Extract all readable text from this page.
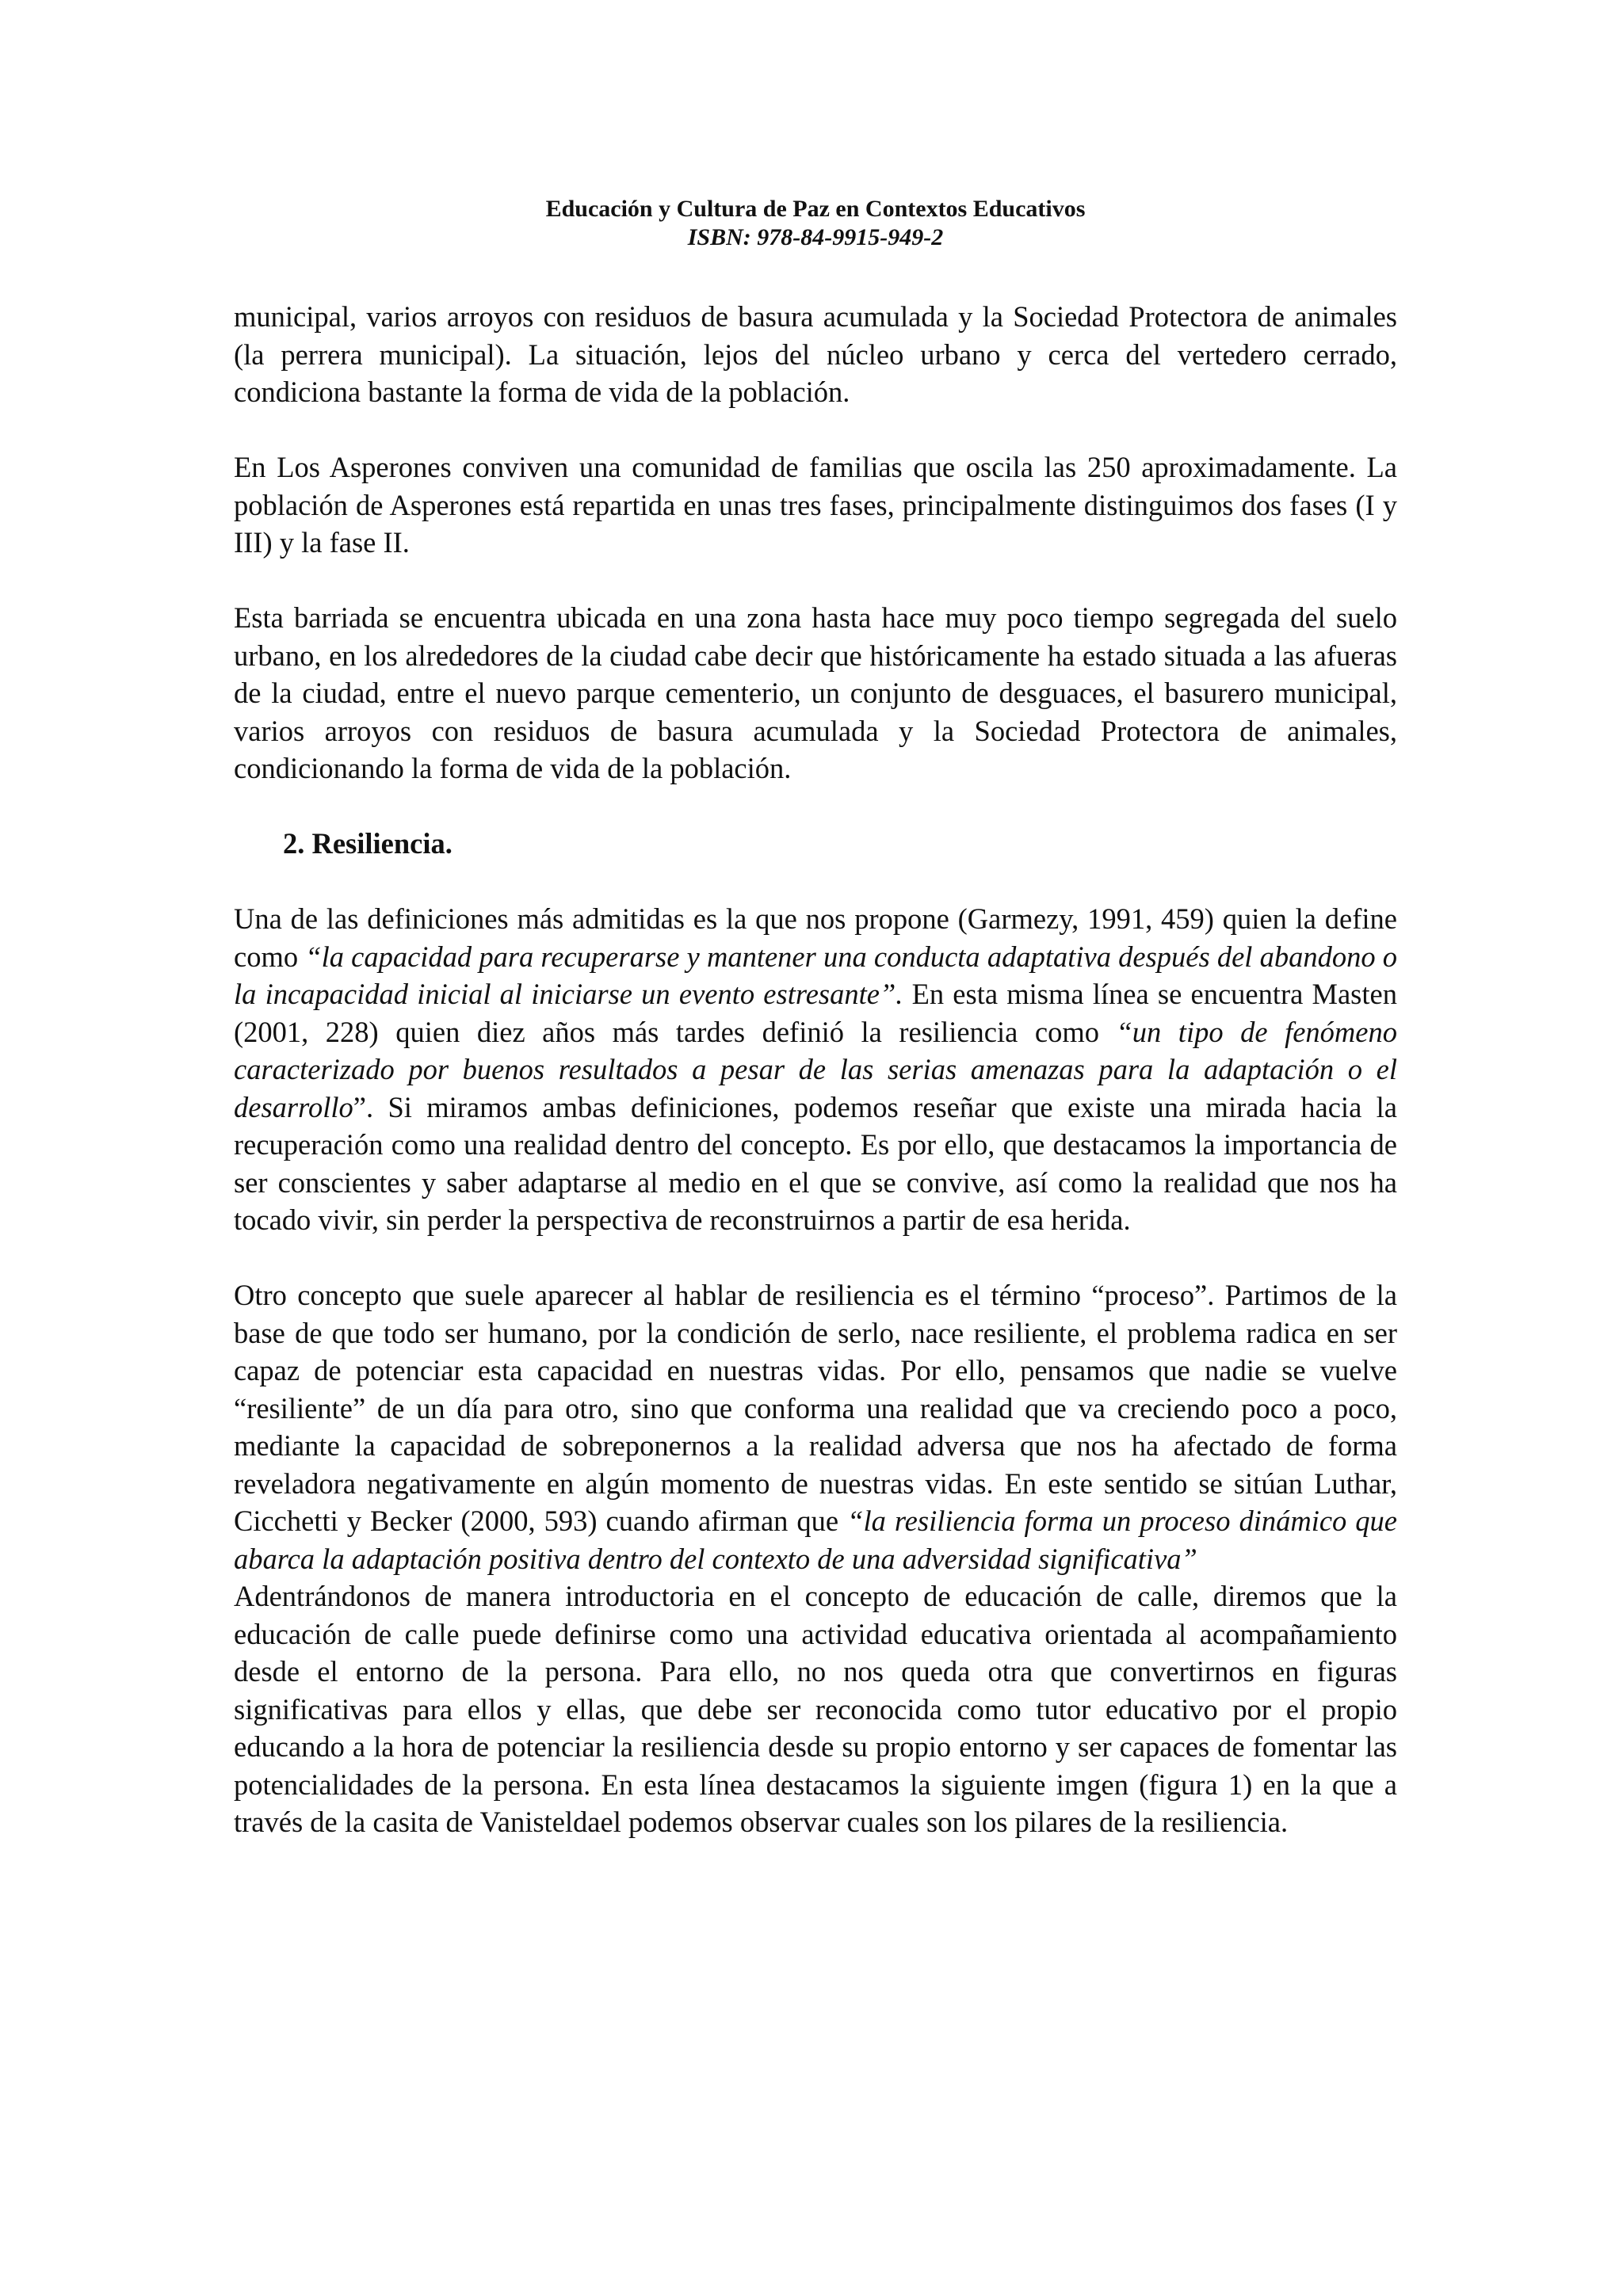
Educación y Cultura de Paz en Contextos Educativos
ISBN: 978-84-9915-949-2

municipal, varios arroyos con residuos de basura acumulada y la Sociedad Protectora de animales (la perrera municipal). La situación, lejos del núcleo urbano y cerca del vertedero cerrado, condiciona bastante la forma de vida de la población.

En Los Asperones conviven una comunidad de familias que oscila las 250 aproximadamente. La población de Asperones está repartida en unas tres fases, principalmente distinguimos dos fases (I y III) y la fase II.

Esta barriada se encuentra ubicada en una zona hasta hace muy poco tiempo segregada del suelo urbano, en los alrededores de la ciudad cabe decir que históricamente ha estado situada a las afueras de la ciudad, entre el nuevo parque cementerio, un conjunto de desguaces, el basurero municipal, varios arroyos con residuos de basura acumulada y la Sociedad Protectora de animales, condicionando la forma de vida de la población.

2. Resiliencia.

Una de las definiciones más admitidas es la que nos propone (Garmezy, 1991, 459) quien la define como “la capacidad para recuperarse y mantener una conducta adaptativa después del abandono o la incapacidad inicial al iniciarse un evento estresante”. En esta misma línea se encuentra Masten (2001, 228) quien diez años más tardes definió la resiliencia como “un tipo de fenómeno caracterizado por buenos resultados a pesar de las serias amenazas para la adaptación o el desarrollo”. Si miramos ambas definiciones, podemos reseñar que existe una mirada hacia la recuperación como una realidad dentro del concepto. Es por ello, que destacamos la importancia de ser conscientes y saber adaptarse al medio en el que se convive, así como la realidad que nos ha tocado vivir, sin perder la perspectiva de reconstruirnos a partir de esa herida.

Otro concepto que suele aparecer al hablar de resiliencia es el término “proceso”. Partimos de la base de que todo ser humano, por la condición de serlo, nace resiliente, el problema radica en ser capaz de potenciar esta capacidad en nuestras vidas. Por ello, pensamos que nadie se vuelve “resiliente” de un día para otro, sino que conforma una realidad que va creciendo poco a poco, mediante la capacidad de sobreponernos a la realidad adversa que nos ha afectado de forma reveladora negativamente en algún momento de nuestras vidas. En este sentido se sitúan Luthar, Cicchetti y Becker (2000, 593) cuando afirman que “la resiliencia forma un proceso dinámico que abarca la adaptación positiva dentro del contexto de una adversidad significativa”

Adentrándonos de manera introductoria en el concepto de educación de calle, diremos que la educación de calle puede definirse como una actividad educativa orientada al acompañamiento desde el entorno de la persona. Para ello, no nos queda otra que convertirnos en figuras significativas para ellos y ellas, que debe ser reconocida como tutor educativo por el propio educando a la hora de potenciar la resiliencia desde su propio entorno y ser capaces de fomentar las potencialidades de la persona. En esta línea destacamos la siguiente imgen (figura 1) en la que a través de la casita de Vanisteldael podemos observar cuales son los pilares de la resiliencia.
